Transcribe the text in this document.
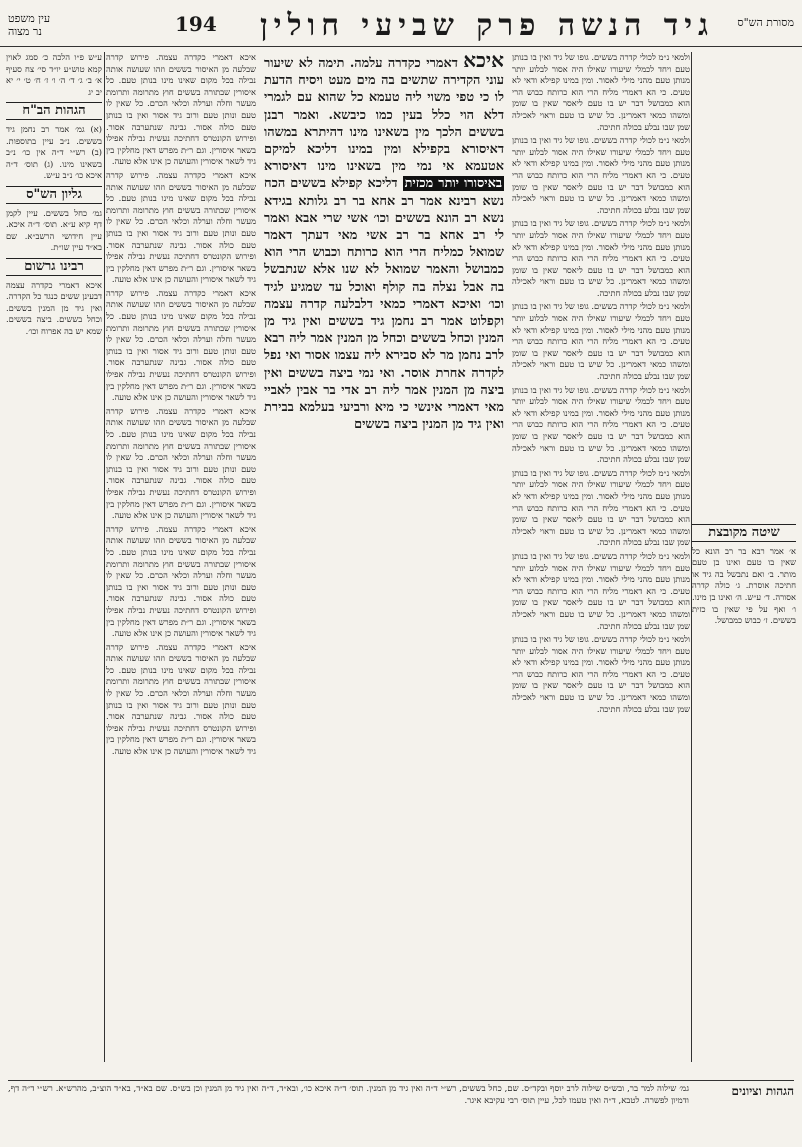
עין משפט
נר מצוה	194 גיד הנשה פרק שביעי חולין מסורת הש"ס
שיטה מקובצת

א׳ אמר רבא בר רב הונא כל שאין בו טעם ואינו בן טעם מותר. ב׳ ואם נתבשל בה גיד או חתיכה אוסרת. ג׳ כולה קדרה אסורה. ד׳ ע״ש. ה׳ ואינו בן מינו. ו׳ ואף על פי שאין בו כזית בששים. ז׳ כבוש כמבושל.

ולמאי נ״מ לכולי קדרה בששים. גופו של גיד ואין בו בנותן טעם ויחד לכמלי שיעורו שאילו היה אסור לבלוע יותר מנותן טעם מהני מילי לאסור. ומין במינו קפילא ודאי לא טעים. כי הא דאמרי מליח הרי הוא כרותח כבוש הרי הוא כמבושל דבר יש בו טעם ליאסר שאין בו שומן ומשהו כמאי דאמרינן. כל שיש בו טעם וראוי לאכילה שמן שבו נבלע בכולה חתיכה.

ולמאי נ״מ לכולי קדרה בששים. גופו של גיד ואין בו בנותן טעם ויחד לכמלי שיעורו שאילו היה אסור לבלוע יותר מנותן טעם מהני מילי לאסור. ומין במינו קפילא ודאי לא טעים. כי הא דאמרי מליח הרי הוא כרותח כבוש הרי הוא כמבושל דבר יש בו טעם ליאסר שאין בו שומן ומשהו כמאי דאמרינן. כל שיש בו טעם וראוי לאכילה שמן שבו נבלע בכולה חתיכה.

ולמאי נ״מ לכולי קדרה בששים. גופו של גיד ואין בו בנותן טעם ויחד לכמלי שיעורו שאילו היה אסור לבלוע יותר מנותן טעם מהני מילי לאסור. ומין במינו קפילא ודאי לא טעים. כי הא דאמרי מליח הרי הוא כרותח כבוש הרי הוא כמבושל דבר יש בו טעם ליאסר שאין בו שומן ומשהו כמאי דאמרינן. כל שיש בו טעם וראוי לאכילה שמן שבו נבלע בכולה חתיכה.

ולמאי נ״מ לכולי קדרה בששים. גופו של גיד ואין בו בנותן טעם ויחד לכמלי שיעורו שאילו היה אסור לבלוע יותר מנותן טעם מהני מילי לאסור. ומין במינו קפילא ודאי לא טעים. כי הא דאמרי מליח הרי הוא כרותח כבוש הרי הוא כמבושל דבר יש בו טעם ליאסר שאין בו שומן ומשהו כמאי דאמרינן. כל שיש בו טעם וראוי לאכילה שמן שבו נבלע בכולה חתיכה.

ולמאי נ״מ לכולי קדרה בששים. גופו של גיד ואין בו בנותן טעם ויחד לכמלי שיעורו שאילו היה אסור לבלוע יותר מנותן טעם מהני מילי לאסור. ומין במינו קפילא ודאי לא טעים. כי הא דאמרי מליח הרי הוא כרותח כבוש הרי הוא כמבושל דבר יש בו טעם ליאסר שאין בו שומן ומשהו כמאי דאמרינן. כל שיש בו טעם וראוי לאכילה שמן שבו נבלע בכולה חתיכה.

ולמאי נ״מ לכולי קדרה בששים. גופו של גיד ואין בו בנותן טעם ויחד לכמלי שיעורו שאילו היה אסור לבלוע יותר מנותן טעם מהני מילי לאסור. ומין במינו קפילא ודאי לא טעים. כי הא דאמרי מליח הרי הוא כרותח כבוש הרי הוא כמבושל דבר יש בו טעם ליאסר שאין בו שומן ומשהו כמאי דאמרינן. כל שיש בו טעם וראוי לאכילה שמן שבו נבלע בכולה חתיכה.

ולמאי נ״מ לכולי קדרה בששים. גופו של גיד ואין בו בנותן טעם ויחד לכמלי שיעורו שאילו היה אסור לבלוע יותר מנותן טעם מהני מילי לאסור. ומין במינו קפילא ודאי לא טעים. כי הא דאמרי מליח הרי הוא כרותח כבוש הרי הוא כמבושל דבר יש בו טעם ליאסר שאין בו שומן ומשהו כמאי דאמרינן. כל שיש בו טעם וראוי לאכילה שמן שבו נבלע בכולה חתיכה.

ולמאי נ״מ לכולי קדרה בששים. גופו של גיד ואין בו בנותן טעם ויחד לכמלי שיעורו שאילו היה אסור לבלוע יותר מנותן טעם מהני מילי לאסור. ומין במינו קפילא ודאי לא טעים. כי הא דאמרי מליח הרי הוא כרותח כבוש הרי הוא כמבושל דבר יש בו טעם ליאסר שאין בו שומן ומשהו כמאי דאמרינן. כל שיש בו טעם וראוי לאכילה שמן שבו נבלע בכולה חתיכה.

איכא דאמרי כקדרה עלמה. תימה לא שיעור עוני הקדירה שתשים בה מים מעט ויסיח הדעת לו כי טפי משוי ליה טעמא כל שהוא עם לגמרי דלא הוי כלל בעין כמו כיבשא. ואמר רבנן בששים הלכך מין בשאינו מינו דהיתרא במשהו דאיסורא בקפילא ומין במינו דליכא למיקם אטעמא אי נמי מין בשאינו מינו דאיסורא באיסורו יותר מכזית דליכא קפילא בששים הכח נשא רבינא אמר רב אחא בר רב גלותא בגידא נשא רב הונא בששים וכו׳ אשי שרי אבא ואמר לי רב אחא בר רב אשי מאי דעתך דאמר שמואל כמליח הרי הוא כרותח וכבוש הרי הוא כמבושל והאמר שמואל לא שנו אלא שנתבשל בה אבל נצלה בה קולף ואוכל עד שמגיע לגיד וכו׳ ואיכא דאמרי כמאי דלבלעה קדרה עצמה וקפלוט אמר רב נחמן גיד בששים ואין גיד מן המנין וכחל בששים וכחל מן המנין אמר ליה רבא לרב נחמן מר לא סבירא ליה עצמו אסור ואי נפל לקדרה אחרת אוסר. ואי נמי ביצה בששים ואין ביצה מן המנין אמר ליה רב אדי בר אבין לאביי מאי דאמרי אינשי כי מיא ורביעי בעלמא בבירת ואין גיד מן המנין ביצה בששים

איכא דאמרי כקדרה עצמה. פירוש קדרה שבלעה מן האיסור בששים וזהו שעושה אותה נבילה בכל מקום שאינו מינו בנותן טעם. כל איסורין שבתורה בששים חוץ מתרומה ותרומת מעשר וחלה וערלה וכלאי הכרם. כל שאין לו טעם ונותן טעם ורוב גיד אסור ואין בו בנותן טעם כולה אסור. גבינה שנתערבה אסור. ופירוש הקונטרס דחתיכה נעשית נבילה אפילו בשאר איסורין. וגם ר״ת מפרש דאין מחלקין בין גיד לשאר איסורין והעושה כן אינו אלא טועה.

איכא דאמרי כקדרה עצמה. פירוש קדרה שבלעה מן האיסור בששים וזהו שעושה אותה נבילה בכל מקום שאינו מינו בנותן טעם. כל איסורין שבתורה בששים חוץ מתרומה ותרומת מעשר וחלה וערלה וכלאי הכרם. כל שאין לו טעם ונותן טעם ורוב גיד אסור ואין בו בנותן טעם כולה אסור. גבינה שנתערבה אסור. ופירוש הקונטרס דחתיכה נעשית נבילה אפילו בשאר איסורין. וגם ר״ת מפרש דאין מחלקין בין גיד לשאר איסורין והעושה כן אינו אלא טועה.

איכא דאמרי כקדרה עצמה. פירוש קדרה שבלעה מן האיסור בששים וזהו שעושה אותה נבילה בכל מקום שאינו מינו בנותן טעם. כל איסורין שבתורה בששים חוץ מתרומה ותרומת מעשר וחלה וערלה וכלאי הכרם. כל שאין לו טעם ונותן טעם ורוב גיד אסור ואין בו בנותן טעם כולה אסור. גבינה שנתערבה אסור. ופירוש הקונטרס דחתיכה נעשית נבילה אפילו בשאר איסורין. וגם ר״ת מפרש דאין מחלקין בין גיד לשאר איסורין והעושה כן אינו אלא טועה.

איכא דאמרי כקדרה עצמה. פירוש קדרה שבלעה מן האיסור בששים וזהו שעושה אותה נבילה בכל מקום שאינו מינו בנותן טעם. כל איסורין שבתורה בששים חוץ מתרומה ותרומת מעשר וחלה וערלה וכלאי הכרם. כל שאין לו טעם ונותן טעם ורוב גיד אסור ואין בו בנותן טעם כולה אסור. גבינה שנתערבה אסור. ופירוש הקונטרס דחתיכה נעשית נבילה אפילו בשאר איסורין. וגם ר״ת מפרש דאין מחלקין בין גיד לשאר איסורין והעושה כן אינו אלא טועה.

איכא דאמרי כקדרה עצמה. פירוש קדרה שבלעה מן האיסור בששים וזהו שעושה אותה נבילה בכל מקום שאינו מינו בנותן טעם. כל איסורין שבתורה בששים חוץ מתרומה ותרומת מעשר וחלה וערלה וכלאי הכרם. כל שאין לו טעם ונותן טעם ורוב גיד אסור ואין בו בנותן טעם כולה אסור. גבינה שנתערבה אסור. ופירוש הקונטרס דחתיכה נעשית נבילה אפילו בשאר איסורין. וגם ר״ת מפרש דאין מחלקין בין גיד לשאר איסורין והעושה כן אינו אלא טועה.

איכא דאמרי כקדרה עצמה. פירוש קדרה שבלעה מן האיסור בששים וזהו שעושה אותה נבילה בכל מקום שאינו מינו בנותן טעם. כל איסורין שבתורה בששים חוץ מתרומה ותרומת מעשר וחלה וערלה וכלאי הכרם. כל שאין לו טעם ונותן טעם ורוב גיד אסור ואין בו בנותן טעם כולה אסור. גבינה שנתערבה אסור. ופירוש הקונטרס דחתיכה נעשית נבילה אפילו בשאר איסורין. וגם ר״ת מפרש דאין מחלקין בין גיד לשאר איסורין והעושה כן אינו אלא טועה.

ע״ש פ״ו הלכה כ׳ סמג לאוין קמא טוש״ע יו״ד סי׳ צח סעיף א׳ ב׳ ג׳ ד׳ ה׳ ו׳ ז׳ ח׳ ט׳ י׳ יא יב יג

הגהות הב"ח

(א) גמ׳ אמר רב נחמן גיד בששים. נ״ב עיין בתוספות. (ב) רש״י ד״ה אין כו׳ נ״ב בשאינו מינו. (ג) תוס׳ ד״ה איכא כו׳ נ״ב ע״ש.

גליון הש"ס

גמ׳ כחל בששים. עיין לקמן דף קיא ע״א. תוס׳ ד״ה איכא. עיין חידושי הרשב״א. שם בא״ד עיין שו״ת.

רבינו גרשום

איכא דאמרי כקדרה עצמה דבעינן ששים כנגד כל הקדרה. ואין גיד מן המנין בששים. וכחל בששים. ביצה בששים. שמא יש בה אפרוח וכו׳.

הגהות וציונים
גמ׳ שילוה למר בר, ובש״ס שילוה לרב יוסף ובקד״ס. שם, כחל בששים, רש״י ד״ה ואין גיד מן המנין. תוס׳ ד״ה איכא כו׳, ובא״ד, ד״ה ואין גיד מן המנין וכן בש״ס. שם בא״ד, בא״ד הוצ״ב, מהרש״א. רש״י ד״ה דף, ודמיון לפשרה. לטבא, ד״ה ואין טעמו לכל, עיין תוס׳ רבי עקיבא איגר.
